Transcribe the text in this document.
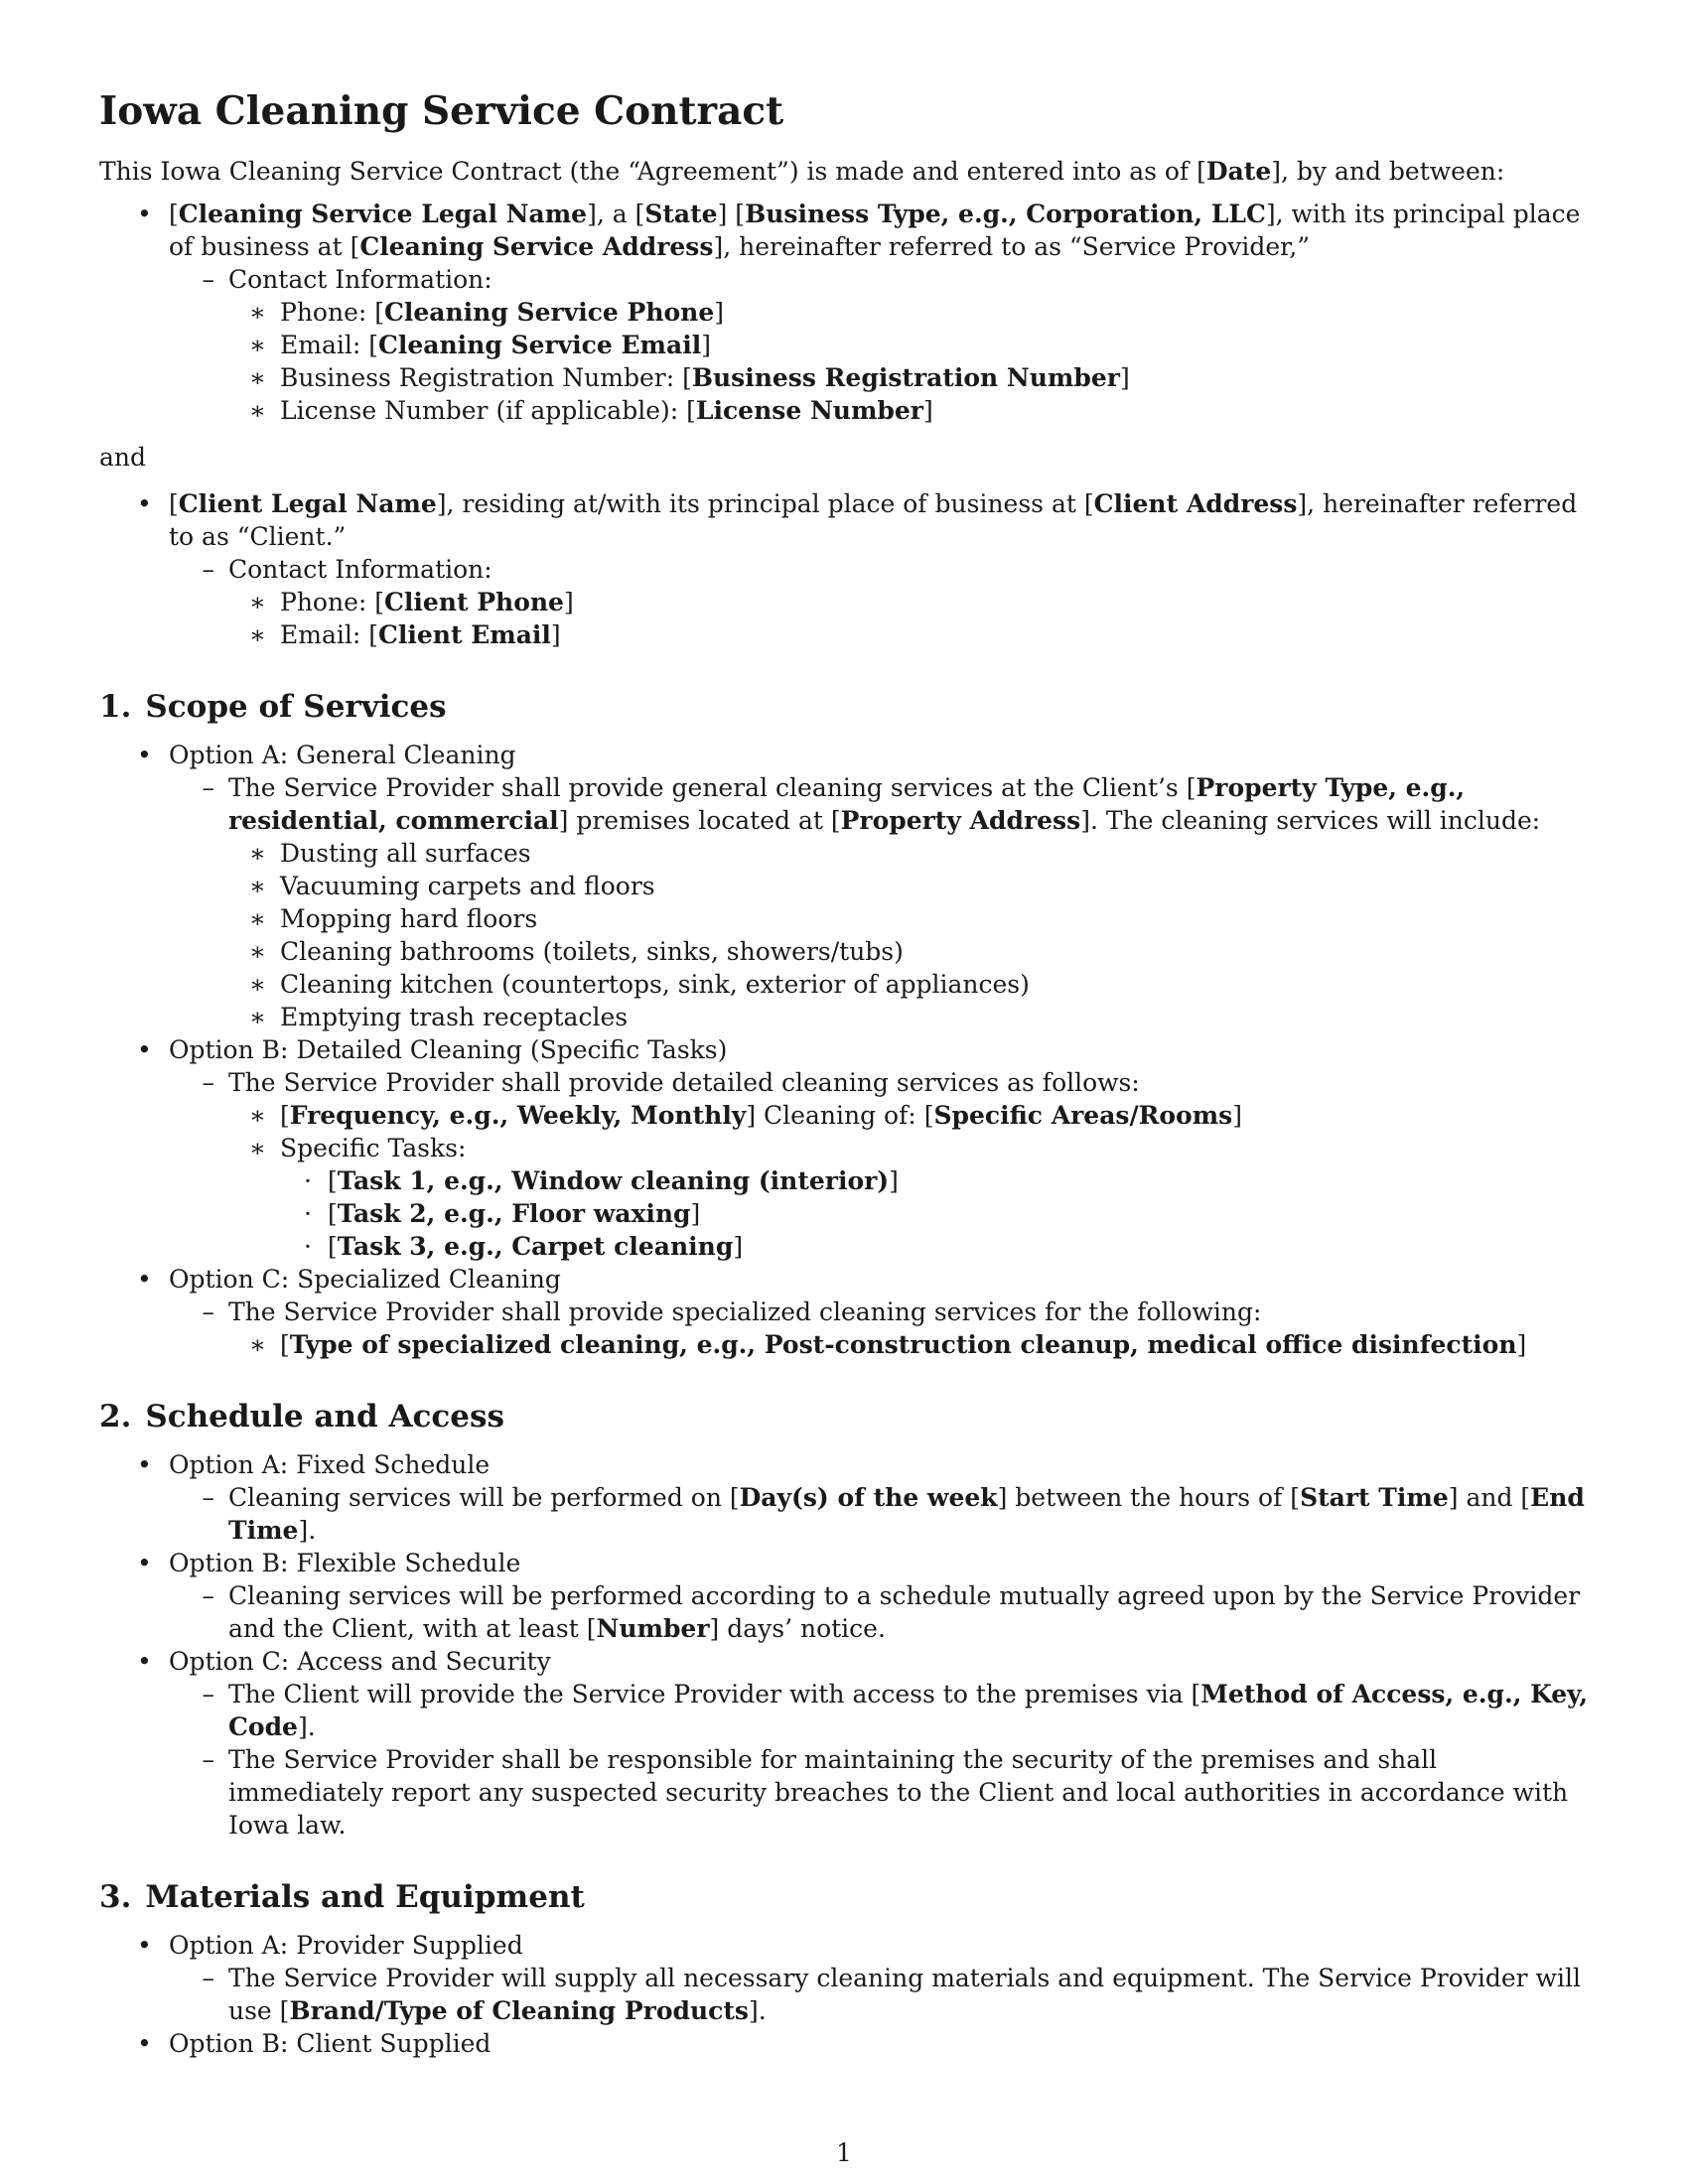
Iowa Cleaning Service Contract

This Iowa Cleaning Service Contract (the “Agreement”) is made and entered into as of [Date], by and between:

• [Cleaning Service Legal Name], a [State] [Business Type, e.g., Corporation, LLC], with its principal place of business at [Cleaning Service Address], hereinafter referred to as “Service Provider,”
– Contact Information:
∗ Phone: [Cleaning Service Phone]
∗ Email: [Cleaning Service Email]
∗ Business Registration Number: [Business Registration Number]
∗ License Number (if applicable): [License Number]

and

• [Client Legal Name], residing at/with its principal place of business at [Client Address], hereinafter referred to as “Client.”
– Contact Information:
∗ Phone: [Client Phone]
∗ Email: [Client Email]
1. Scope of Services
• Option A: General Cleaning
– The Service Provider shall provide general cleaning services at the Client’s [Property Type, e.g., residential, commercial] premises located at [Property Address]. The cleaning services will include:
∗ Dusting all surfaces
∗ Vacuuming carpets and floors
∗ Mopping hard floors
∗ Cleaning bathrooms (toilets, sinks, showers/tubs)
∗ Cleaning kitchen (countertops, sink, exterior of appliances)
∗ Emptying trash receptacles
• Option B: Detailed Cleaning (Specific Tasks)
– The Service Provider shall provide detailed cleaning services as follows:
∗ [Frequency, e.g., Weekly, Monthly] Cleaning of: [Specific Areas/Rooms]
∗ Specific Tasks:
· [Task 1, e.g., Window cleaning (interior)]
· [Task 2, e.g., Floor waxing]
· [Task 3, e.g., Carpet cleaning]
• Option C: Specialized Cleaning
– The Service Provider shall provide specialized cleaning services for the following:
∗ [Type of specialized cleaning, e.g., Post-construction cleanup, medical office disinfection]
2. Schedule and Access
• Option A: Fixed Schedule
– Cleaning services will be performed on [Day(s) of the week] between the hours of [Start Time] and [End Time].
• Option B: Flexible Schedule
– Cleaning services will be performed according to a schedule mutually agreed upon by the Service Provider and the Client, with at least [Number] days’ notice.
• Option C: Access and Security
– The Client will provide the Service Provider with access to the premises via [Method of Access, e.g., Key, Code].
– The Service Provider shall be responsible for maintaining the security of the premises and shall immediately report any suspected security breaches to the Client and local authorities in accordance with Iowa law.
3. Materials and Equipment
• Option A: Provider Supplied
– The Service Provider will supply all necessary cleaning materials and equipment. The Service Provider will use [Brand/Type of Cleaning Products].
• Option B: Client Supplied
1
